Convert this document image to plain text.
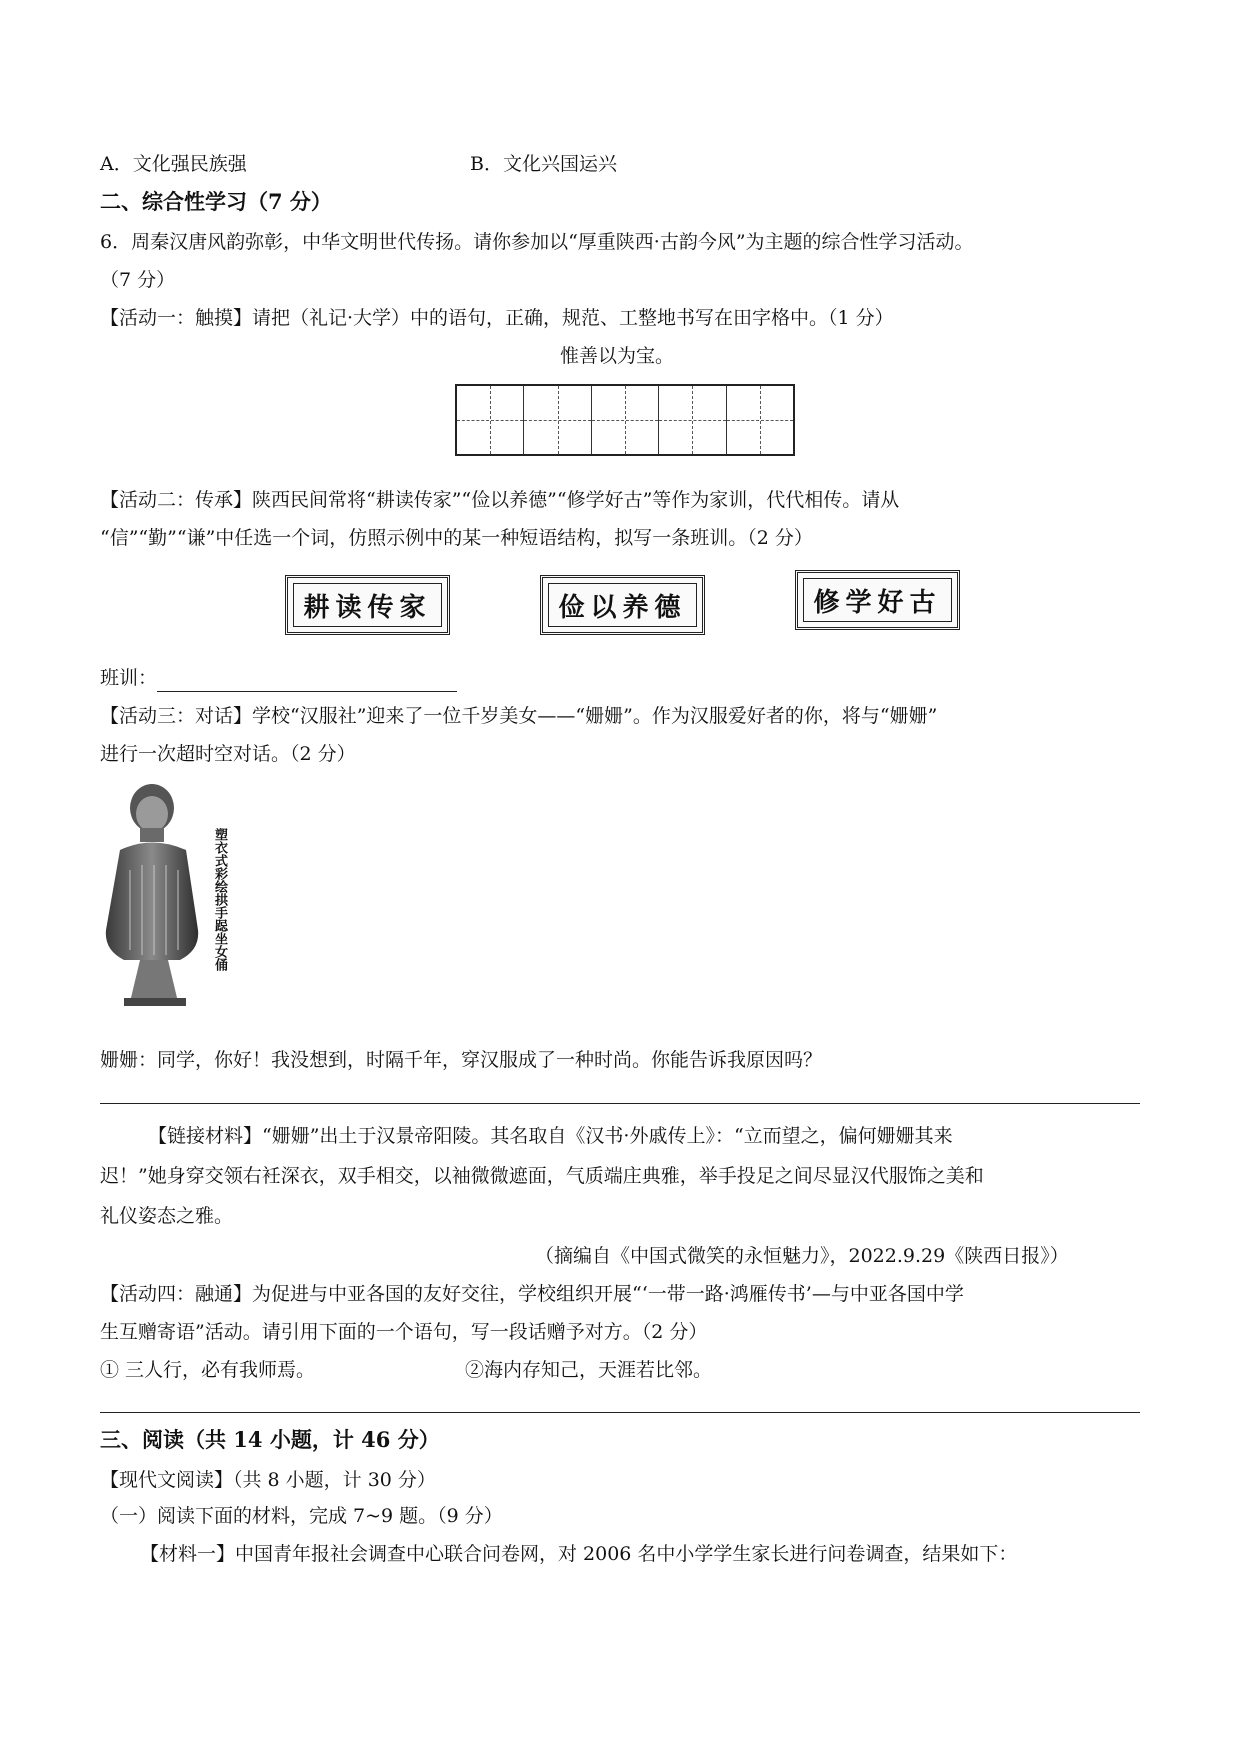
A．文化强民族强	B．文化兴国运兴
二、综合性学习（7 分）
6．周秦汉唐风韵弥彰，中华文明世代传扬。请你参加以“厚重陕西·古韵今风”为主题的综合性学习活动。
（7 分）
【活动一：触摸】请把（礼记·大学）中的语句，正确，规范、工整地书写在田字格中。（1 分）
惟善以为宝。
【活动二：传承】陕西民间常将“耕读传家”“俭以养德”“修学好古”等作为家训，代代相传。请从
“信”“勤”“谦”中任选一个词，仿照示例中的某一种短语结构，拟写一条班训。（2 分）
耕读传家	俭以养德	修学好古
班训：
【活动三：对话】学校“汉服社”迎来了一位千岁美女——“姗姗”。作为汉服爱好者的你，将与“姗姗”
进行一次超时空对话。（2 分）
塑衣式彩绘拱手跽坐女俑
姗姗：同学，你好！我没想到，时隔千年，穿汉服成了一种时尚。你能告诉我原因吗？
【链接材料】“姗姗”出土于汉景帝阳陵。其名取自《汉书·外戚传上》：“立而望之，偏何姗姗其来
迟！”她身穿交领右衽深衣，双手相交，以袖微微遮面，气质端庄典雅，举手投足之间尽显汉代服饰之美和
礼仪姿态之雅。
（摘编自《中国式微笑的永恒魅力》，2022.9.29《陕西日报》）
【活动四：融通】为促进与中亚各国的友好交往，学校组织开展“‘一带一路·鸿雁传书’—与中亚各国中学
生互赠寄语”活动。请引用下面的一个语句，写一段话赠予对方。（2 分）
① 三人行，必有我师焉。	②海内存知己，天涯若比邻。
三、阅读（共 14 小题，计 46 分）
【现代文阅读】（共 8 小题，计 30 分）
（一）阅读下面的材料，完成 7~9 题。（9 分）
【材料一】中国青年报社会调查中心联合问卷网，对 2006 名中小学学生家长进行问卷调查，结果如下：
